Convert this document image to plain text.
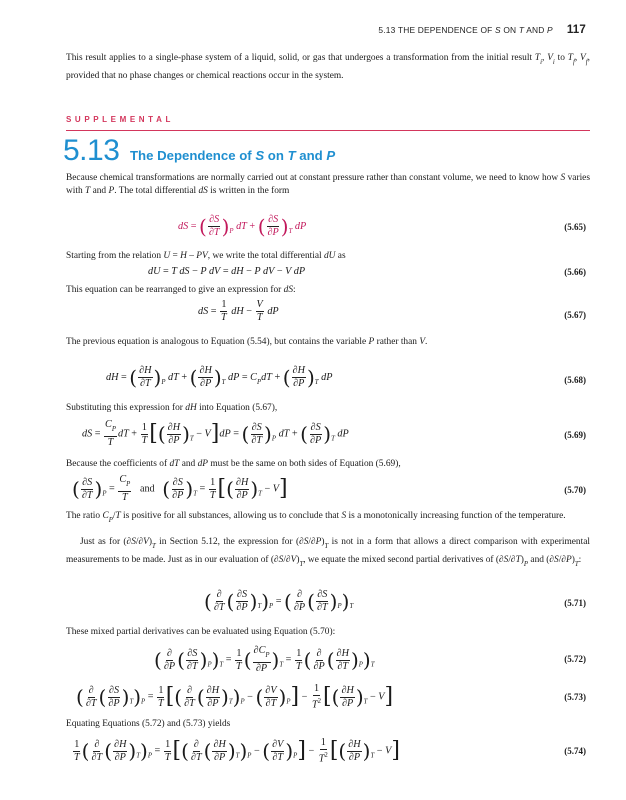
5.13 THE DEPENDENCE OF S ON T AND P 117
This result applies to a single-phase system of a liquid, solid, or gas that undergoes a transformation from the initial result $T_i$, $V_i$ to $T_f$, $V_f$, provided that no phase changes or chemical reactions occur in the system.
SUPPLEMENTAL
5.13 The Dependence of S on T and P
Because chemical transformations are normally carried out at constant pressure rather than constant volume, we need to know how S varies with T and P. The total differential dS is written in the form
dS = ( $\frac{\partial S}{\partial T} )_P$ dT + ( $\frac{\partial S}{\partial P} )_T$ dP	(5.65)
Starting from the relation U = H – PV, we write the total differential dU as
dU = T dS − P dV = dH − P dV − V dP	(5.66)
This equation can be rearranged to give an expression for dS:
dS = $\frac{1}{T}$ dH − $\frac{V}{T}$ dP	(5.67)
The previous equation is analogous to Equation (5.54), but contains the variable P rather than V.
dH = ( $\frac{\partial H}{\partial T} )_P$ dT + ( $\frac{\partial H}{\partial P} )_T$ dP = $C_PdT$ + ( $\frac{\partial H}{\partial P} )_T$ dP	(5.68)
Substituting this expression for dH into Equation (5.67),
dS = $\frac{C_P}{T}$ dT + $\frac{1}{T}$ [( $\frac{\partial H}{\partial P} )_T - V]dP$ = ( $\frac{\partial S}{\partial T} )_P$ dT + ( $\frac{\partial S}{\partial P} )_T$ dP	(5.69)
Because the coefficients of dT and dP must be the same on both sides of Equation (5.69),
( $\frac{\partial S}{\partial T} )_P = \frac{C_P}{T}$ and ( $\frac{\partial S}{\partial P} )_T = \frac{1}{T}$ [( $\frac{\partial H}{\partial P} )_T - V$]	(5.70)
The ratio $C_P/T$ is positive for all substances, allowing us to conclude that S is a monotonically increasing function of the temperature.
Just as for $(\partial S/\partial V)_T$ in Section 5.12, the expression for $(\partial S/\partial P)_T$ is not in a form that allows a direct comparison with experimental measurements to be made. Just as in our evaluation of $(\partial S/\partial V)_T$, we equate the mixed second partial derivatives of $(\partial S/\partial T)_P$ and $(\partial S/\partial P)_T$:
( $\frac{\partial}{\partial T}$ ( $\frac{\partial S}{\partial P} )_T)_P$ = ( $\frac{\partial}{\partial P}$ ( $\frac{\partial S}{\partial T} )_P)_T$	(5.71)
These mixed partial derivatives can be evaluated using Equation (5.70):
( $\frac{\partial}{\partial P}$ ( $\frac{\partial S}{\partial T} )_P)_T = \frac{1}{T}$ ( $\frac{\partial C_P}{\partial P} )_T = \frac{1}{T}$ ( $\frac{\partial}{\partial P}$ ( $\frac{\partial H}{\partial T} )_P)_T$
(5.72)
( $\frac{\partial}{\partial T}$ ( $\frac{\partial S}{\partial P} )_T)_P = \frac{1}{T}$ [( $\frac{\partial}{\partial T}$ ( $\frac{\partial H}{\partial P} )_T)_P$ − ( $\frac{\partial V}{\partial T} )_P] - \frac{1}{T^2}$ [( $\frac{\partial H}{\partial P} )_T - V$]	(5.73)
Equating Equations (5.72) and (5.73) yields
$\frac{1}{T}$ ( $\frac{\partial}{\partial T}$ ( $\frac{\partial H}{\partial P} )_T)_P = \frac{1}{T}$ [( $\frac{\partial}{\partial T}$ ( $\frac{\partial H}{\partial P} )_T)_P$ − ( $\frac{\partial V}{\partial T} )_P] - \frac{1}{T^2}$ [( $\frac{\partial H}{\partial P} )_T - V$]	(5.74)
